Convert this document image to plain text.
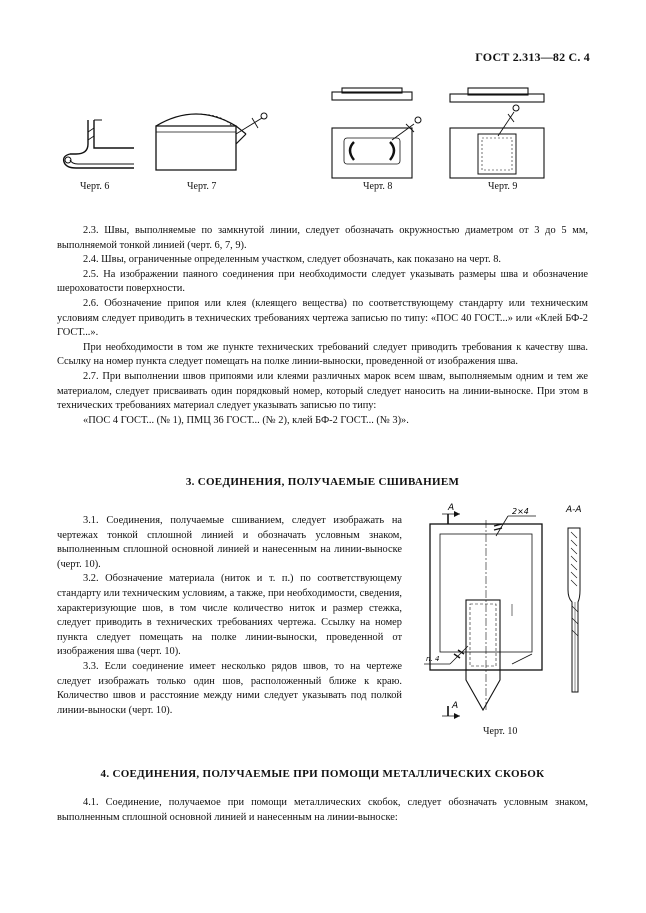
ГОСТ 2.313—82 С. 4
Черт. 6	Черт. 7	Черт. 8	Черт. 9

2.3. Швы, выполняемые по замкнутой линии, следует обозначать окружностью диаметром от 3 до 5 мм, выполняемой тонкой линией (черт. 6, 7, 9).

2.4. Швы, ограниченные определенным участком, следует обозначать, как показано на черт. 8.

2.5. На изображении паяного соединения при необходимости следует указывать размеры шва и обозначение шероховатости поверхности.

2.6. Обозначение припоя или клея (клеящего вещества) по соответствующему стандарту или техническим условиям следует приводить в технических требованиях чертежа записью по типу: «ПОС 40 ГОСТ...» или «Клей БФ-2 ГОСТ...».

При необходимости в том же пункте технических требований следует приводить требования к качеству шва. Ссылку на номер пункта следует помещать на полке линии-выноски, проведенной от изображения шва.

2.7. При выполнении швов припоями или клеями различных марок всем швам, выполняемым одним и тем же материалом, следует присваивать один порядковый номер, который следует наносить на линии-выноске. При этом в технических требованиях материал следует указывать записью по типу:

«ПОС 4 ГОСТ... (№ 1), ПМЦ 36 ГОСТ... (№ 2), клей БФ-2 ГОСТ... (№ 3)».

3. СОЕДИНЕНИЯ, ПОЛУЧАЕМЫЕ СШИВАНИЕМ

3.1. Соединения, получаемые сшиванием, следует изображать на чертежах тонкой сплошной линией и обозначать условным знаком, выполненным сплошной основной линией и нанесенным на линии-выноске (черт. 10).

3.2. Обозначение материала (ниток и т. п.) по соответствующему стандарту или техническим условиям, а также, при необходимости, сведения, характеризующие шов, в том числе количество ниток и размер стежка, следует приводить в технических требованиях чертежа. Ссылку на номер пункта следует помещать на полке линии-выноски, проведенной от изображения шва (черт. 10).

3.3. Если соединение имеет несколько рядов швов, то на чертеже следует изображать только один шов, расположенный ближе к краю. Количество швов и расстояние между ними следует указывать под полкой линии-выноски (черт. 10).

А	2×4
п. 4
А
А-А
Черт. 10
4. СОЕДИНЕНИЯ, ПОЛУЧАЕМЫЕ ПРИ ПОМОЩИ МЕТАЛЛИЧЕСКИХ СКОБОК

4.1. Соединение, получаемое при помощи металлических скобок, следует обозначать условным знаком, выполненным сплошной основной линией и нанесенным на линии-выноске:
